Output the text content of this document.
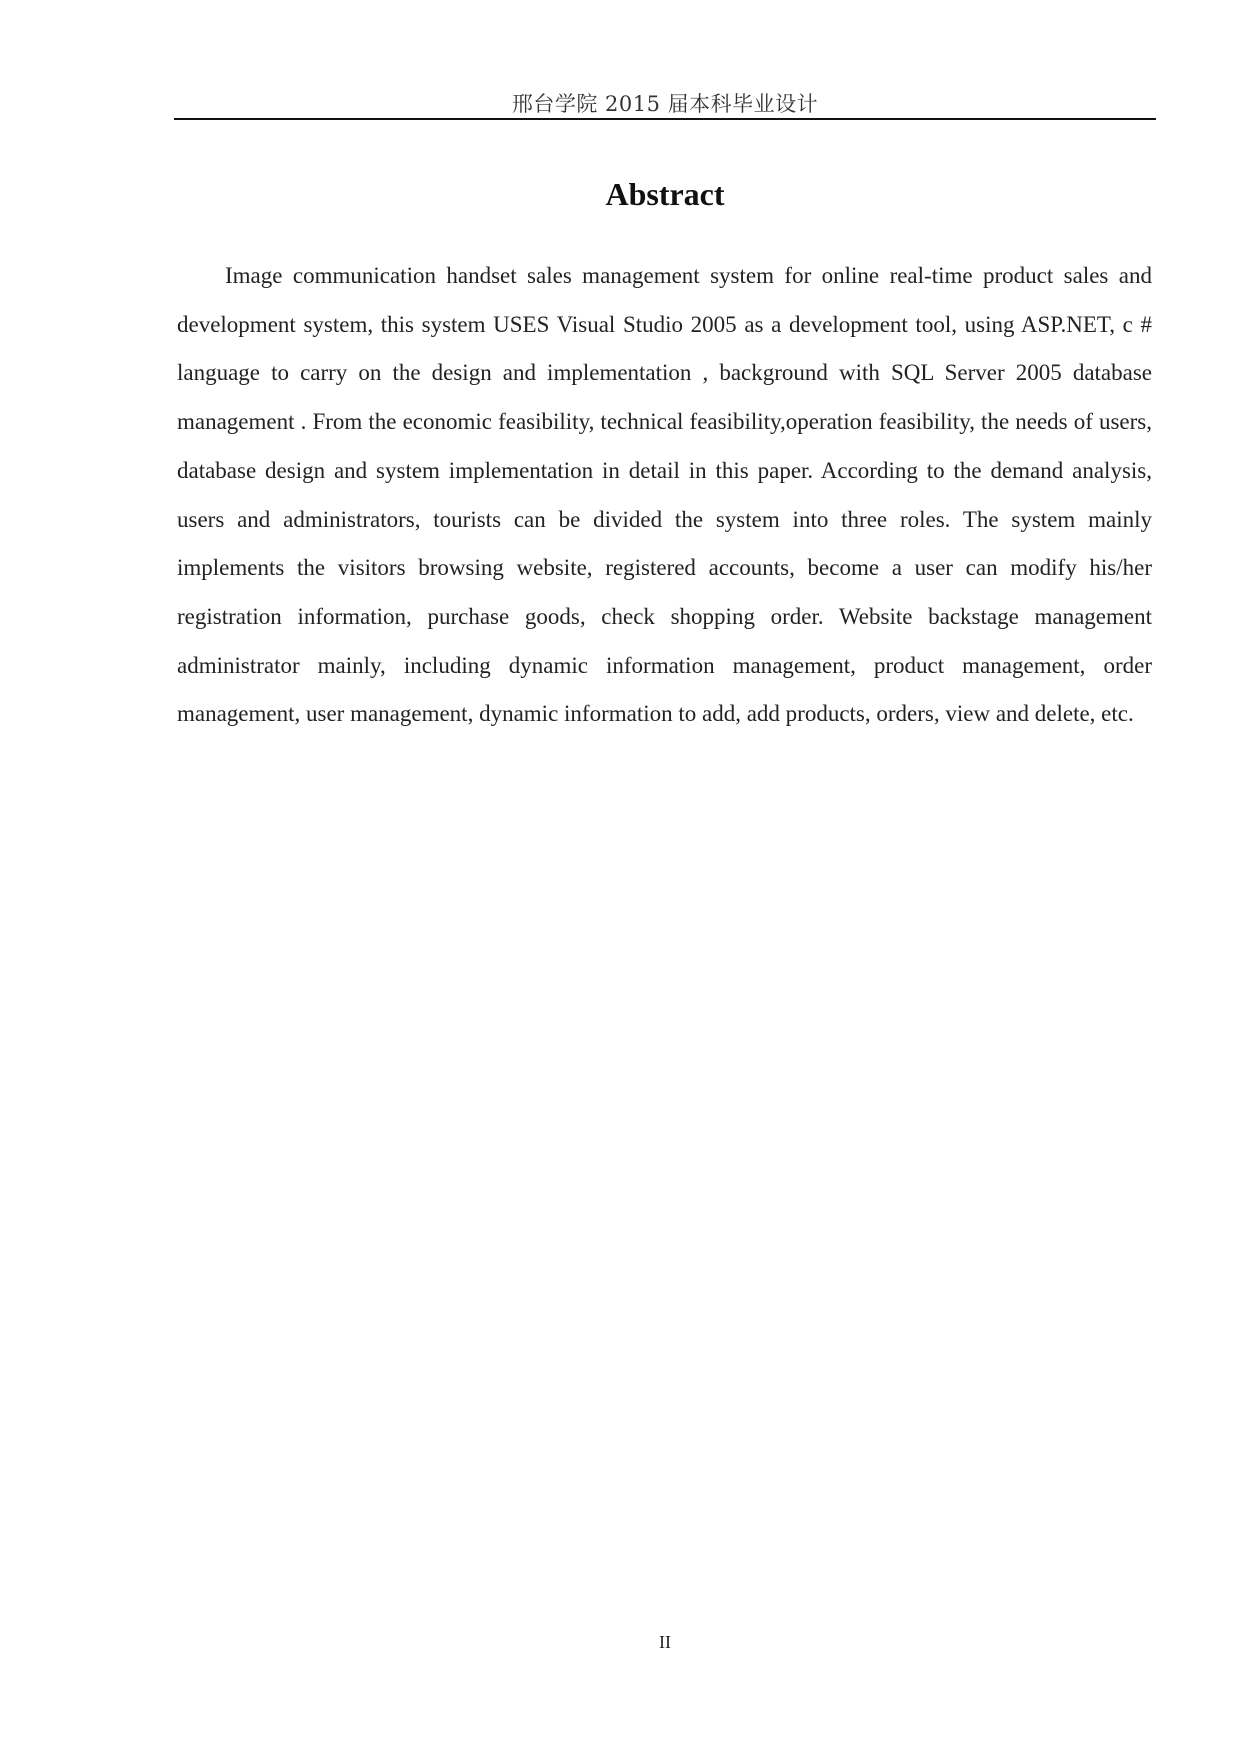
邢台学院 2015 届本科毕业设计
Abstract

Image communication handset sales management system for online real-time product sales and development system, this system USES Visual Studio 2005 as a development tool, using ASP.NET, c # language to carry on the design and implementation , background with SQL Server 2005 database management . From the economic feasibility, technical feasibility,operation feasibility, the needs of users, database design and system implementation in detail in this paper. According to the demand analysis, users and administrators, tourists can be divided the system into three roles. The system mainly implements the visitors browsing website, registered accounts, become a user can modify his/her registration information, purchase goods, check shopping order. Website backstage management administrator mainly, including dynamic information management, product management, order management, user management, dynamic information to add, add products, orders, view and delete, etc.

II
